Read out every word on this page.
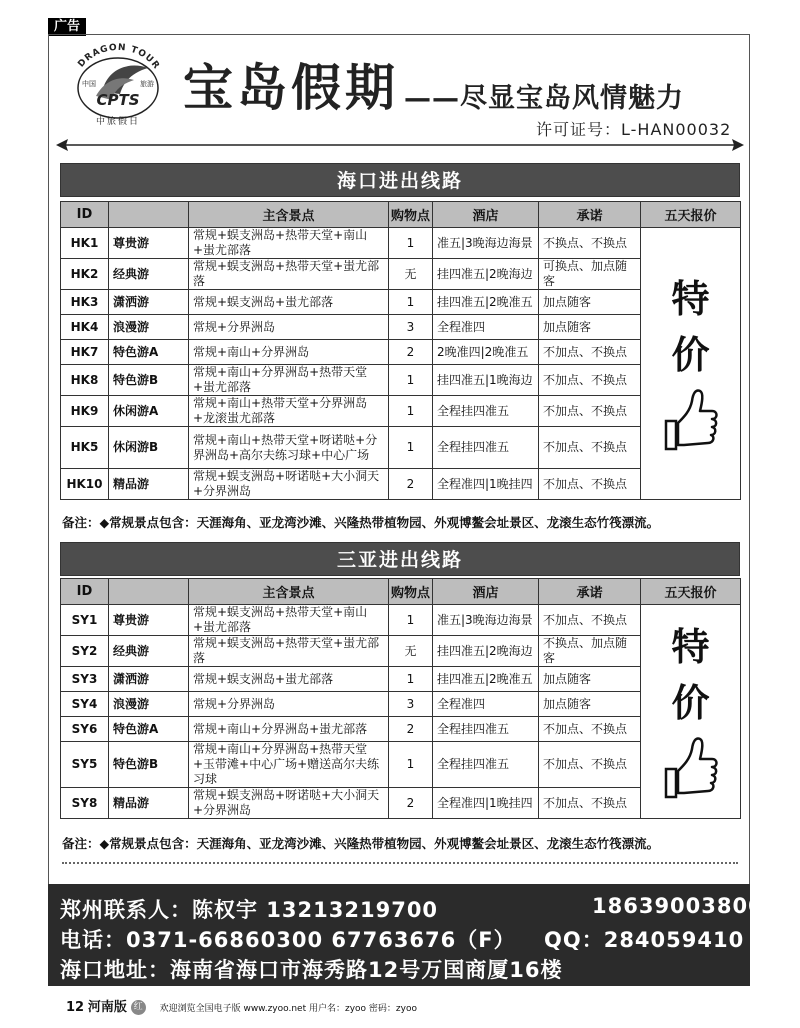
广告
DRAGON TOUR
中国	旅游
CPTS
中旅假日
宝岛假期 ——尽显宝岛风情魅力
许可证号：L-HAN00032
海口进出线路
ID		主含景点	购物点	酒店	承诺	五天报价
HK1	尊贵游	常规+蜈支洲岛+热带天堂+南山+蚩尤部落	1	准五|3晚海边海景	不换点、不换点	特
价

HK2	经典游	常规+蜈支洲岛+热带天堂+蚩尤部落	无	挂四准五|2晚海边	可换点、加点随客	
HK3	潇洒游	常规+蜈支洲岛+蚩尤部落	1	挂四准五|2晚准五	加点随客	
HK4	浪漫游	常规+分界洲岛	3	全程准四	加点随客	
HK7	特色游A	常规+南山+分界洲岛	2	2晚准四|2晚准五	不加点、不换点	
HK8	特色游B	常规+南山+分界洲岛+热带天堂+蚩尤部落	1	挂四准五|1晚海边	不加点、不换点	
HK9	休闲游A	常规+南山+热带天堂+分界洲岛+龙滚蚩尤部落	1	全程挂四准五	不加点、不换点	
HK5	休闲游B	常规+南山+热带天堂+呀诺哒+分界洲岛+高尔夫练习球+中心广场	1	全程挂四准五	不加点、不换点	
HK10	精品游	常规+蜈支洲岛+呀诺哒+大小洞天+分界洲岛	2	全程准四|1晚挂四	不加点、不换点	
备注：◆常规景点包含：天涯海角、亚龙湾沙滩、兴隆热带植物园、外观博鳌会址景区、龙滚生态竹筏漂流。
三亚进出线路
ID		主含景点	购物点	酒店	承诺	五天报价
SY1	尊贵游	常规+蜈支洲岛+热带天堂+南山+蚩尤部落	1	准五|3晚海边海景	不加点、不换点	特
价

SY2	经典游	常规+蜈支洲岛+热带天堂+蚩尤部落	无	挂四准五|2晚海边	不换点、加点随客	
SY3	潇洒游	常规+蜈支洲岛+蚩尤部落	1	挂四准五|2晚准五	加点随客	
SY4	浪漫游	常规+分界洲岛	3	全程准四	加点随客	
SY6	特色游A	常规+南山+分界洲岛+蚩尤部落	2	全程挂四准五	不加点、不换点	
SY5	特色游B	常规+南山+分界洲岛+热带天堂+玉带滩+中心广场+赠送高尔夫练习球	1	全程挂四准五	不加点、不换点	
SY8	精品游	常规+蜈支洲岛+呀诺哒+大小洞天+分界洲岛	2	全程准四|1晚挂四	不加点、不换点	
备注：◆常规景点包含：天涯海角、亚龙湾沙滩、兴隆热带植物园、外观博鳌会址景区、龙滚生态竹筏漂流。
郑州联系人：陈权宇 13213219700	18639003800
电话：0371-66860300 67763676（F） QQ：284059410
海口地址：海南省海口市海秀路12号万国商厦16楼
12 河南版 红 欢迎浏览全国电子版 www.zyoo.net 用户名：zyoo 密码：zyoo
